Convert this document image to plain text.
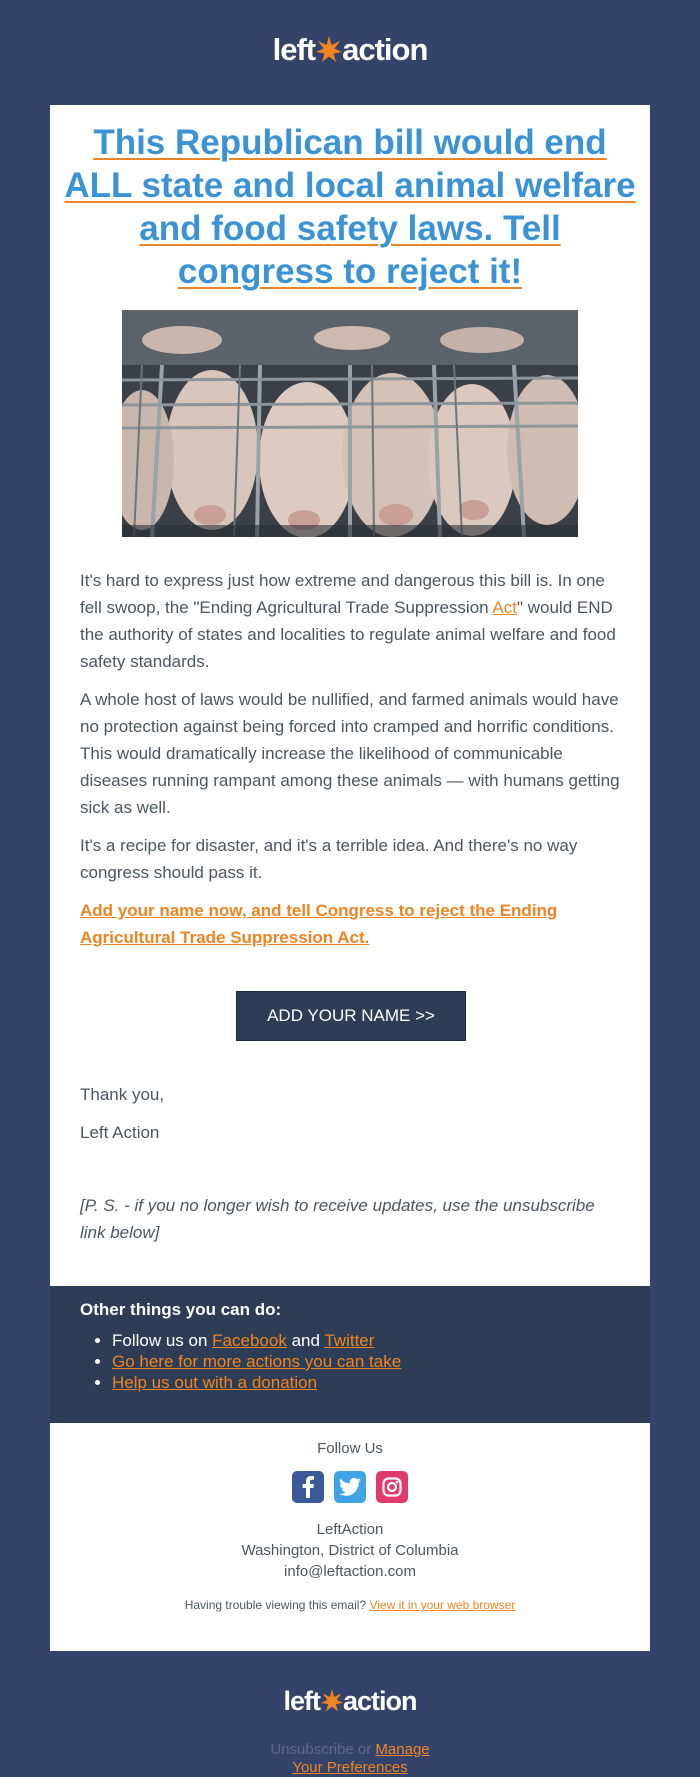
left action
This Republican bill would end ALL state and local animal welfare and food safety laws. Tell congress to reject it!

It's hard to express just how extreme and dangerous this bill is. In one fell swoop, the "Ending Agricultural Trade Suppression Act" would END the authority of states and localities to regulate animal welfare and food safety standards.

A whole host of laws would be nullified, and farmed animals would have no protection against being forced into cramped and horrific conditions. This would dramatically increase the likelihood of communicable diseases running rampant among these animals — with humans getting sick as well.

It's a recipe for disaster, and it's a terrible idea. And there's no way congress should pass it.

Add your name now, and tell Congress to reject the Ending Agricultural Trade Suppression Act.

ADD YOUR NAME >>

Thank you,

Left Action

[P. S. - if you no longer wish to receive updates, use the unsubscribe link below]
Other things you can do:
• Follow us on Facebook and Twitter
• Go here for more actions you can take
• Help us out with a donation
Follow Us
LeftAction
Washington, District of Columbia
info@leftaction.com
Having trouble viewing this email? View it in your web browser
left action
Unsubscribe or Manage
Your Preferences
